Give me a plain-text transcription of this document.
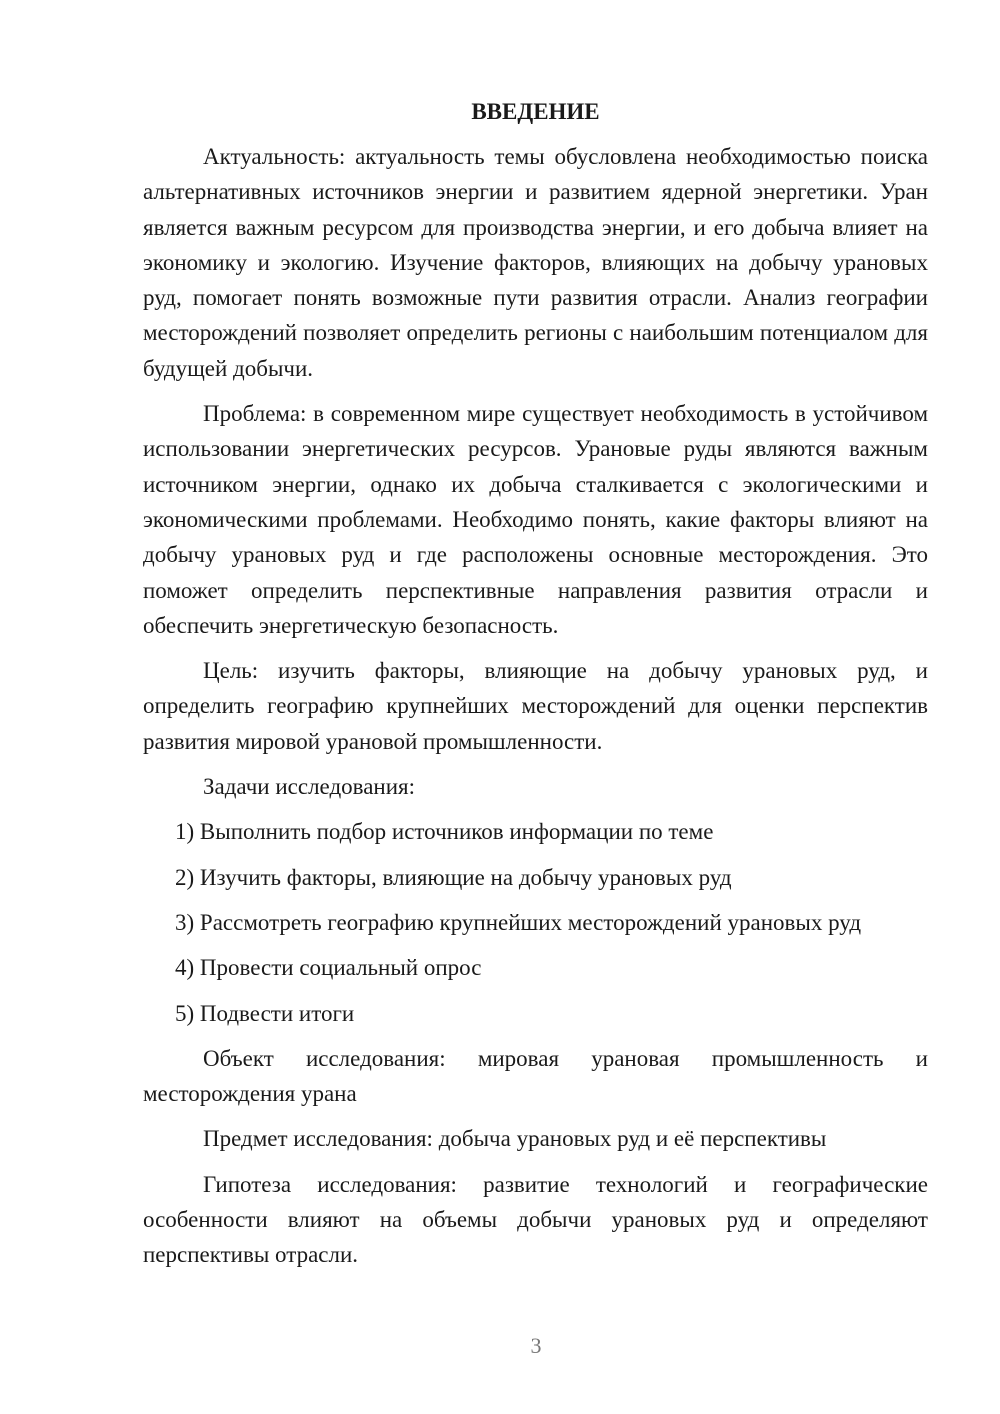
ВВЕДЕНИЕ

Актуальность: актуальность темы обусловлена необходимостью поиска альтернативных источников энергии и развитием ядерной энергетики. Уран является важным ресурсом для производства энергии, и его добыча влияет на экономику и экологию. Изучение факторов, влияющих на добычу урановых руд, помогает понять возможные пути развития отрасли. Анализ географии месторождений позволяет определить регионы с наибольшим потенциалом для будущей добычи.

Проблема: в современном мире существует необходимость в устойчивом использовании энергетических ресурсов. Урановые руды являются важным источником энергии, однако их добыча сталкивается с экологическими и экономическими проблемами. Необходимо понять, какие факторы влияют на добычу урановых руд и где расположены основные месторождения. Это поможет определить перспективные направления развития отрасли и обеспечить энергетическую безопасность.

Цель: изучить факторы, влияющие на добычу урановых руд, и определить географию крупнейших месторождений для оценки перспектив развития мировой урановой промышленности.

Задачи исследования:

1) Выполнить подбор источников информации по теме
2) Изучить факторы, влияющие на добычу урановых руд
3) Рассмотреть географию крупнейших месторождений урановых руд
4) Провести социальный опрос
5) Подвести итоги

Объект исследования: мировая урановая промышленность и месторождения урана

Предмет исследования: добыча урановых руд и её перспективы

Гипотеза исследования: развитие технологий и географические особенности влияют на объемы добычи урановых руд и определяют перспективы отрасли.

3
